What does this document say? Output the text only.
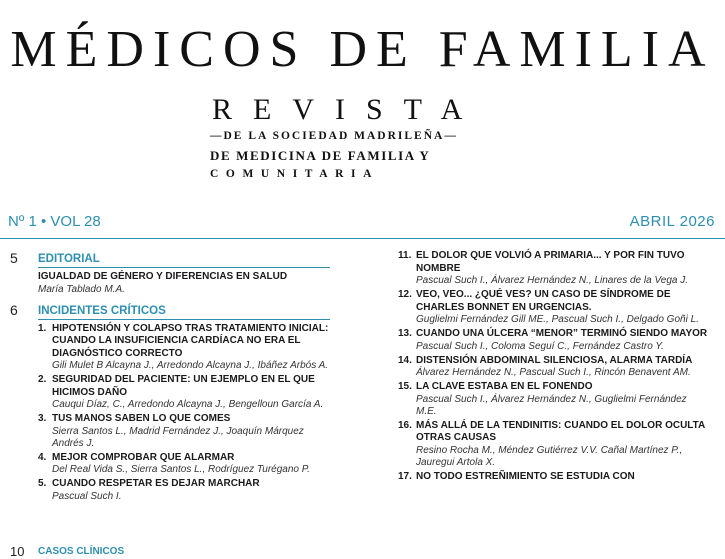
MÉDICOS DE FAMILIA
REVISTA
—DE LA SOCIEDAD MADRILEÑA—
DE MEDICINA DE FAMILIA Y
COMUNITARIA
Nº 1 • VOL 28	ABRIL 2026
5 EDITORIAL
IGUALDAD DE GÉNERO Y DIFERENCIAS EN SALUD
María Tablado M.A.
6 INCIDENTES CRÍTICOS
1. HIPOTENSIÓN Y COLAPSO TRAS TRATAMIENTO INICIAL: CUANDO LA INSUFICIENCIA CARDÍACA NO ERA EL DIAGNÓSTICO CORRECTO
Gili Mulet B Alcayna J., Arredondo Alcayna J., Ibáñez Arbós A.
2. SEGURIDAD DEL PACIENTE: UN EJEMPLO EN EL QUE HICIMOS DAÑO
Cauqui Díaz, C., Arredondo Alcayna J., Bengelloun García A.
3. TUS MANOS SABEN LO QUE COMES
Sierra Santos L., Madrid Fernández J., Joaquín Márquez Andrés J.
4. MEJOR COMPROBAR QUE ALARMAR
Del Real Vida S., Sierra Santos L., Rodríguez Turégano P.
5. CUANDO RESPETAR ES DEJAR MARCHAR
Pascual Such I.
10 CASOS CLÍNICOS
11. EL DOLOR QUE VOLVIÓ A PRIMARIA... Y POR FIN TUVO NOMBRE
Pascual Such I., Álvarez Hernández N., Linares de la Vega J.
12. VEO, VEO... ¿QUÉ VES? UN CASO DE SÍNDROME DE CHARLES BONNET EN URGENCIAS.
Guglielmi Fernández Gill ME., Pascual Such I., Delgado Goñi L.
13. CUANDO UNA ÚLCERA “MENOR” TERMINÓ SIENDO MAYOR
Pascual Such I., Coloma Seguí C., Fernández Castro Y.
14. DISTENSIÓN ABDOMINAL SILENCIOSA, ALARMA TARDÍA
Álvarez Hernández N., Pascual Such I., Rincón Benavent AM.
15. LA CLAVE ESTABA EN EL FONENDO
Pascual Such I., Álvarez Hernández N., Guglielmi Fernández M.E.
16. MÁS ALLÁ DE LA TENDINITIS: CUANDO EL DOLOR OCULTA OTRAS CAUSAS
Resino Rocha M., Méndez Gutiérrez V.V. Cañal Martínez P., Jauregui Artola X.
17. NO TODO ESTREÑIMIENTO SE ESTUDIA CON
